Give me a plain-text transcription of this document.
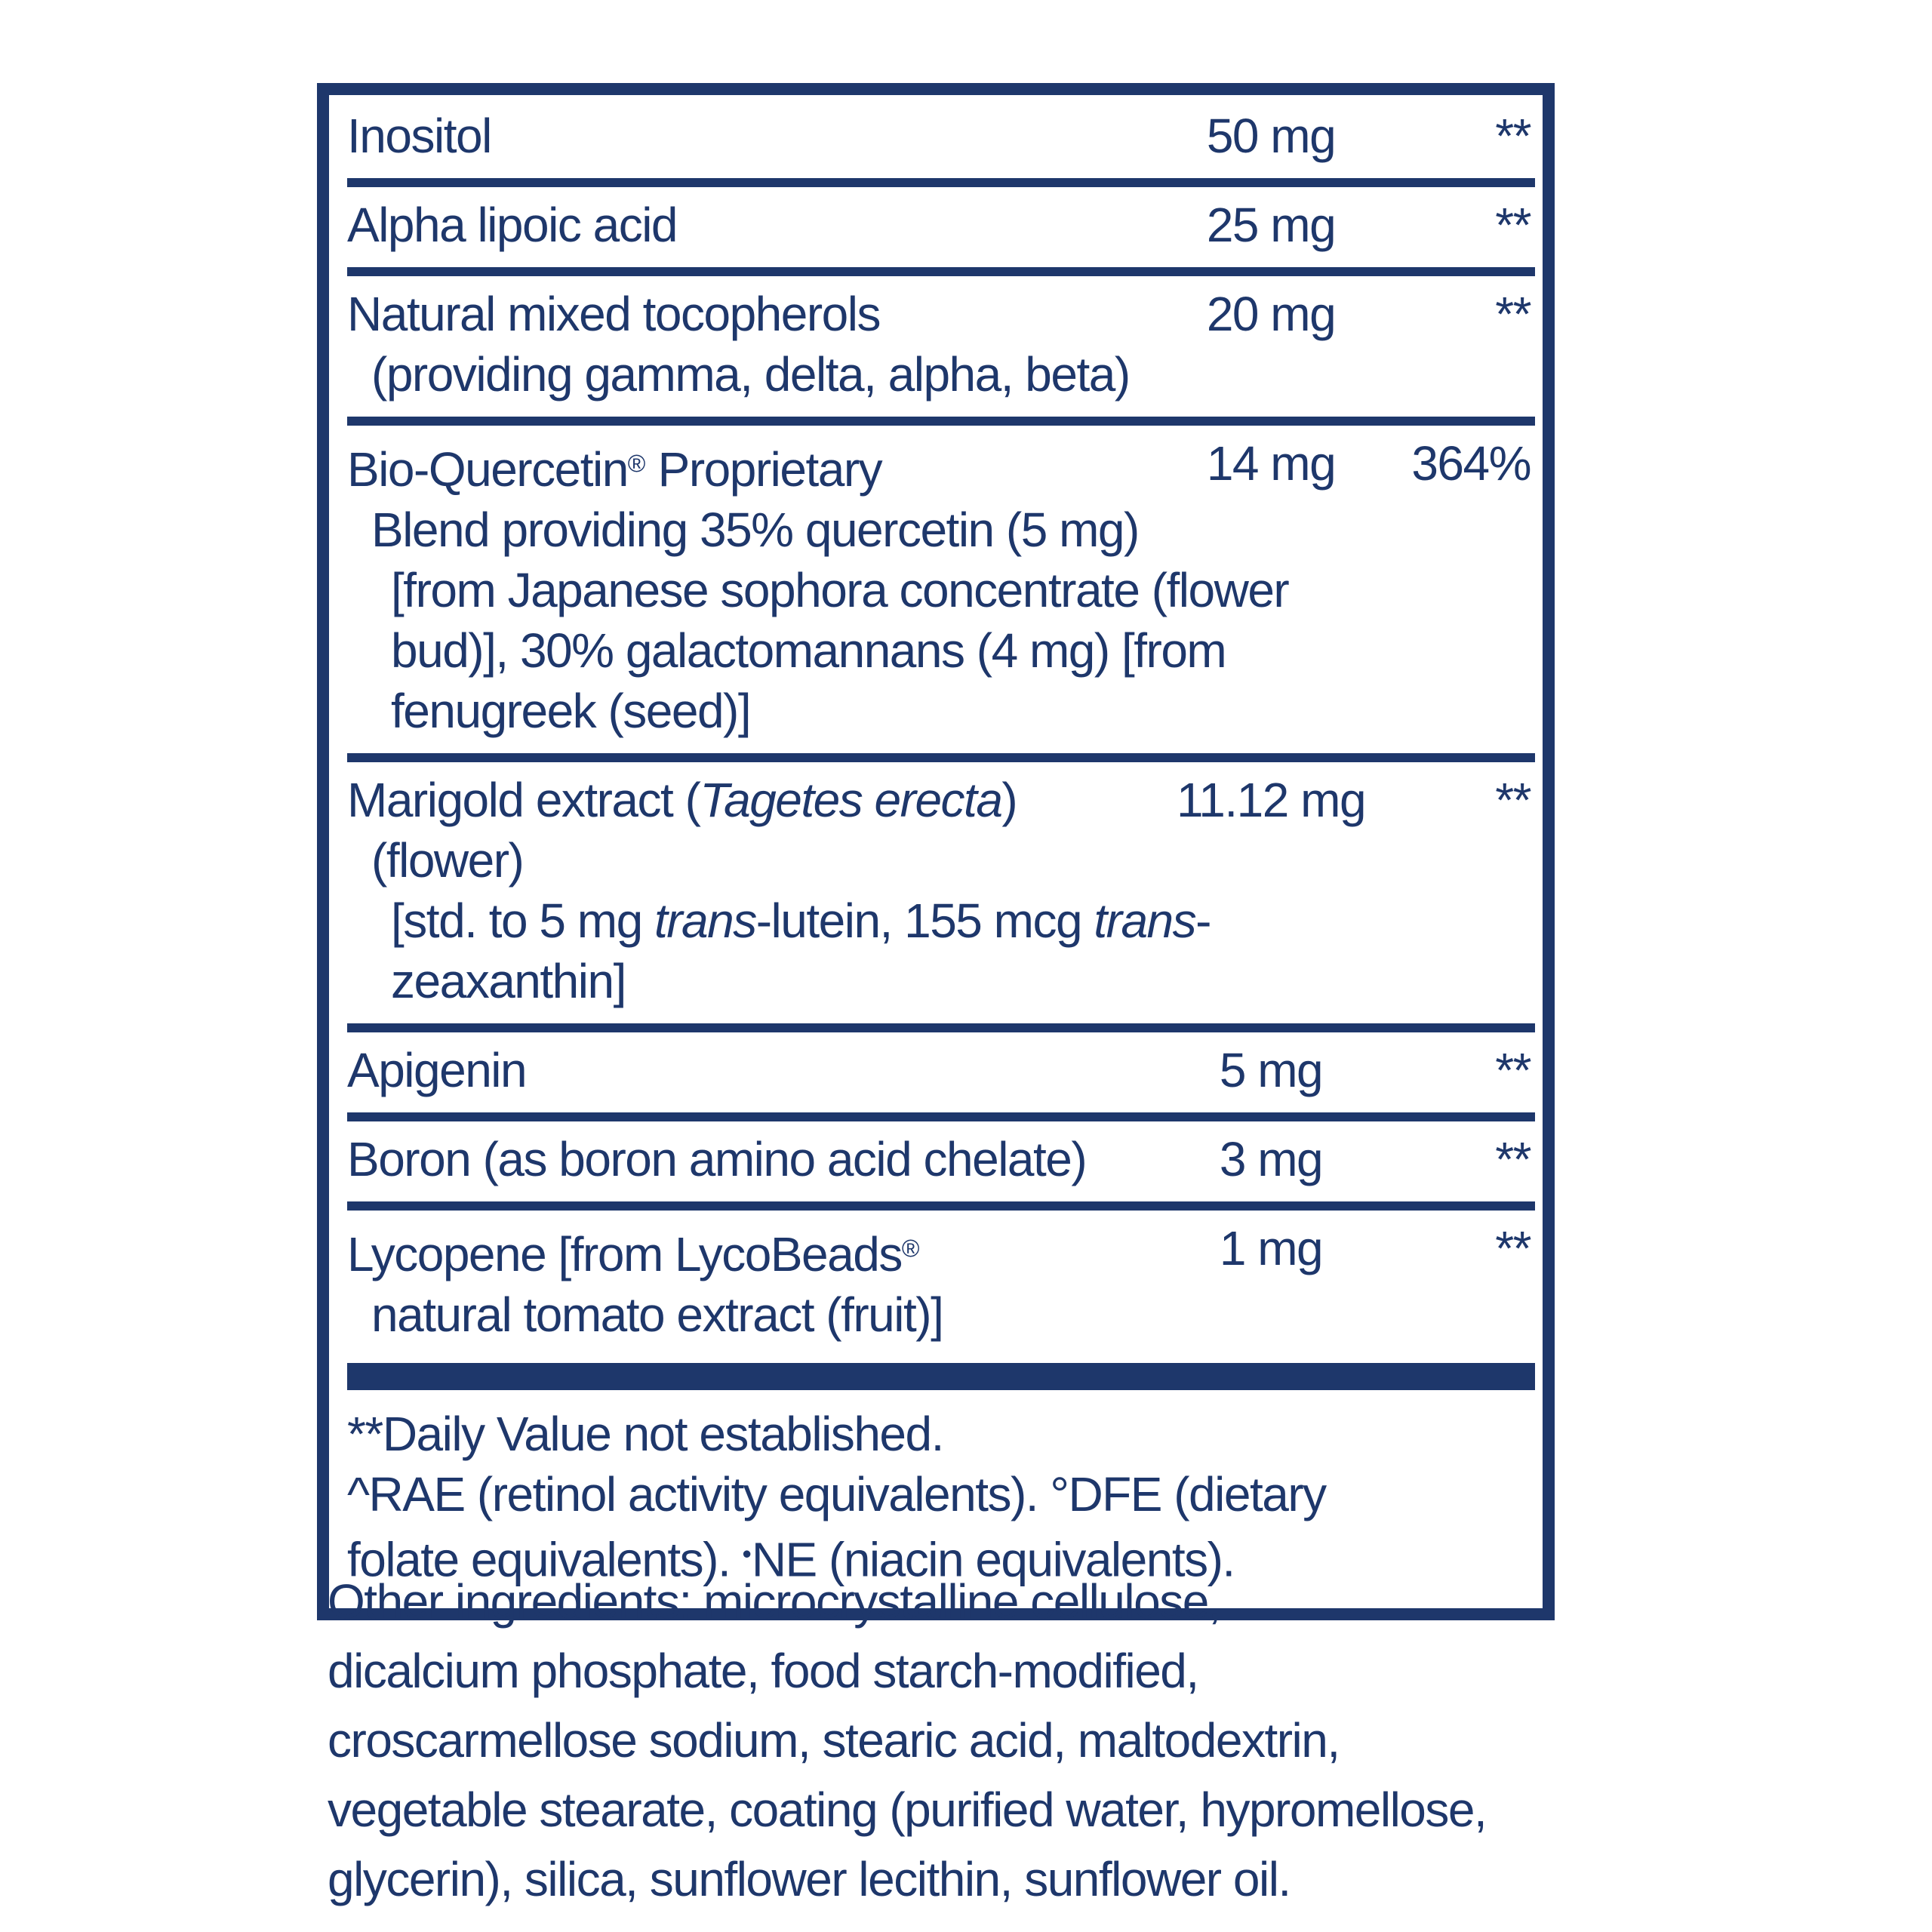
Inositol	50 mg	**
Alpha lipoic acid	25 mg	**
Natural mixed tocopherols	20 mg	**
(providing gamma, delta, alpha, beta)
Bio-Quercetin® Proprietary	14 mg	364%
Blend providing 35% quercetin (5 mg)
[from Japanese sophora concentrate (flower
bud)], 30% galactomannans (4 mg) [from
fenugreek (seed)]
Marigold extract (Tagetes erecta)	11.12 mg	**
(flower)
[std. to 5 mg trans-lutein, 155 mcg trans-
zeaxanthin]
Apigenin	5 mg	**
Boron (as boron amino acid chelate)	3 mg	**
Lycopene [from LycoBeads®	1 mg	**
natural tomato extract (fruit)]
**Daily Value not established.
^RAE (retinol activity equivalents). °DFE (dietary
folate equivalents). •NE (niacin equivalents).
Other ingredients: microcrystalline cellulose,
dicalcium phosphate, food starch-modified,
croscarmellose sodium, stearic acid, maltodextrin,
vegetable stearate, coating (purified water, hypromellose,
glycerin), silica, sunflower lecithin, sunflower oil.
